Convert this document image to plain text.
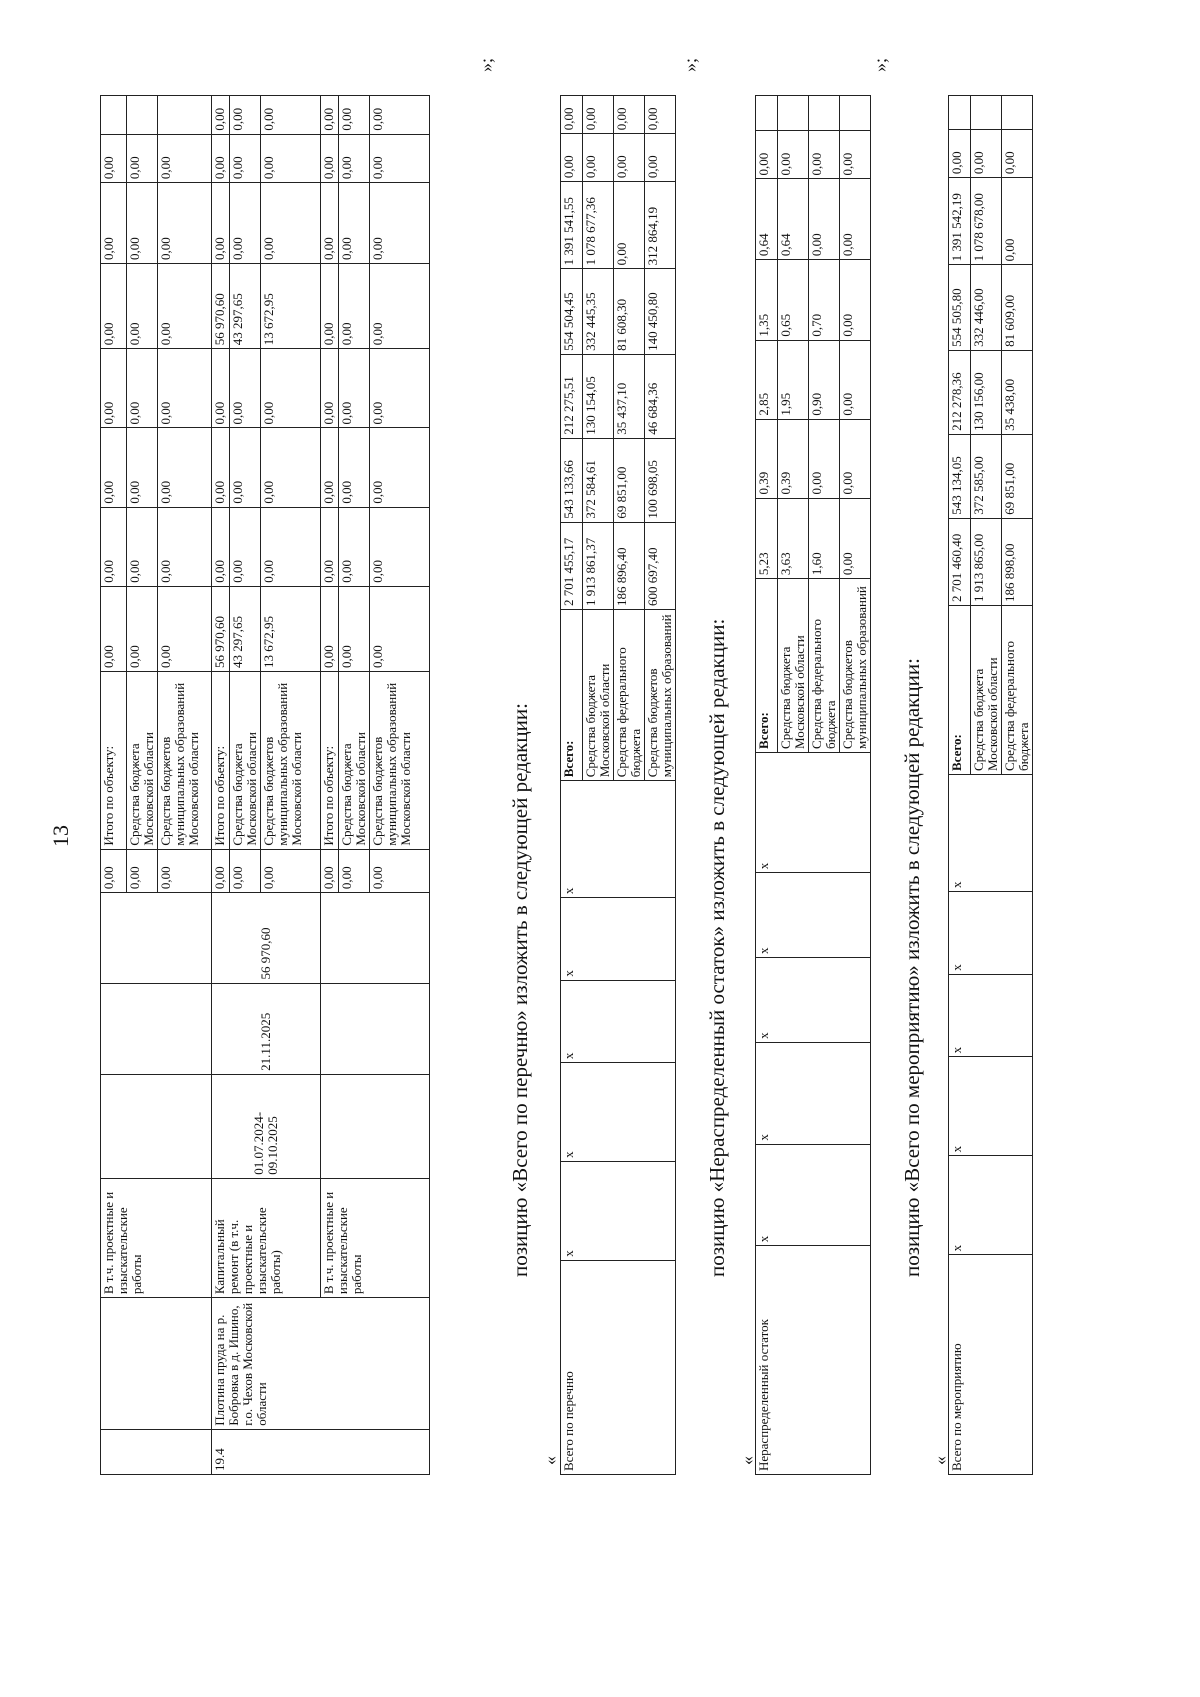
13
		В т.ч. проектные и изыскательские работы				0,00	Итого по объекту:	0,00	0,00	0,00	0,00	0,00	0,00	0,00	
						0,00	Средства бюджета Московской области	0,00	0,00	0,00	0,00	0,00	0,00	0,00	
						0,00	Средства бюджетов муниципальных образований Московской области	0,00	0,00	0,00	0,00	0,00	0,00	0,00	
19.4	Плотина пруда на р. Бобровка в д. Ишино, г.о. Чехов Московской области	Капитальный ремонт (в т.ч. проектные и изыскательские работы)	01.07.2024-09.10.2025	21.11.2025	56 970,60	0,00	Итого по объекту:	56 970,60	0,00	0,00	0,00	56 970,60	0,00	0,00	0,00
						0,00	Средства бюджета Московской области	43 297,65	0,00	0,00	0,00	43 297,65	0,00	0,00	0,00
						0,00	Средства бюджетов муниципальных образований Московской области	13 672,95	0,00	0,00	0,00	13 672,95	0,00	0,00	0,00
		В т.ч. проектные и изыскательские работы				0,00	Итого по объекту:	0,00	0,00	0,00	0,00	0,00	0,00	0,00	0,00
						0,00	Средства бюджета Московской области	0,00	0,00	0,00	0,00	0,00	0,00	0,00	0,00
						0,00	Средства бюджетов муниципальных образований Московской области	0,00	0,00	0,00	0,00	0,00	0,00	0,00	0,00
»;
позицию «Всего по перечню» изложить в следующей редакции:
« Всего по перечню	х	х	х	х	х	Всего:	2 701 455,17	543 133,66	212 275,51	554 504,45	1 391 541,55	0,00	0,00
						Средства бюджета Московской области	1 913 861,37	372 584,61	130 154,05	332 445,35	1 078 677,36	0,00	0,00
						Средства федерального бюджета	186 896,40	69 851,00	35 437,10	81 608,30	0,00	0,00	0,00
						Средства бюджетов муниципальных образований	600 697,40	100 698,05	46 684,36	140 450,80	312 864,19	0,00	0,00
»;
позицию «Нераспределенный остаток» изложить в следующей редакции:
« Нераспределенный остаток	х	х	х	х	х	Всего:	5,23	0,39	2,85	1,35	0,64	0,00	
						Средства бюджета Московской области	3,63	0,39	1,95	0,65	0,64	0,00	
						Средства федерального бюджета	1,60	0,00	0,90	0,70	0,00	0,00	
						Средства бюджетов муниципальных образований	0,00	0,00	0,00	0,00	0,00	0,00	
»;
позицию «Всего по мероприятию» изложить в следующей редакции:
« Всего по мероприятию	х	х	х	х	х	Всего:	2 701 460,40	543 134,05	212 278,36	554 505,80	1 391 542,19	0,00	
						Средства бюджета Московской области	1 913 865,00	372 585,00	130 156,00	332 446,00	1 078 678,00	0,00	
						Средства федерального бюджета	186 898,00	69 851,00	35 438,00	81 609,00	0,00	0,00	
